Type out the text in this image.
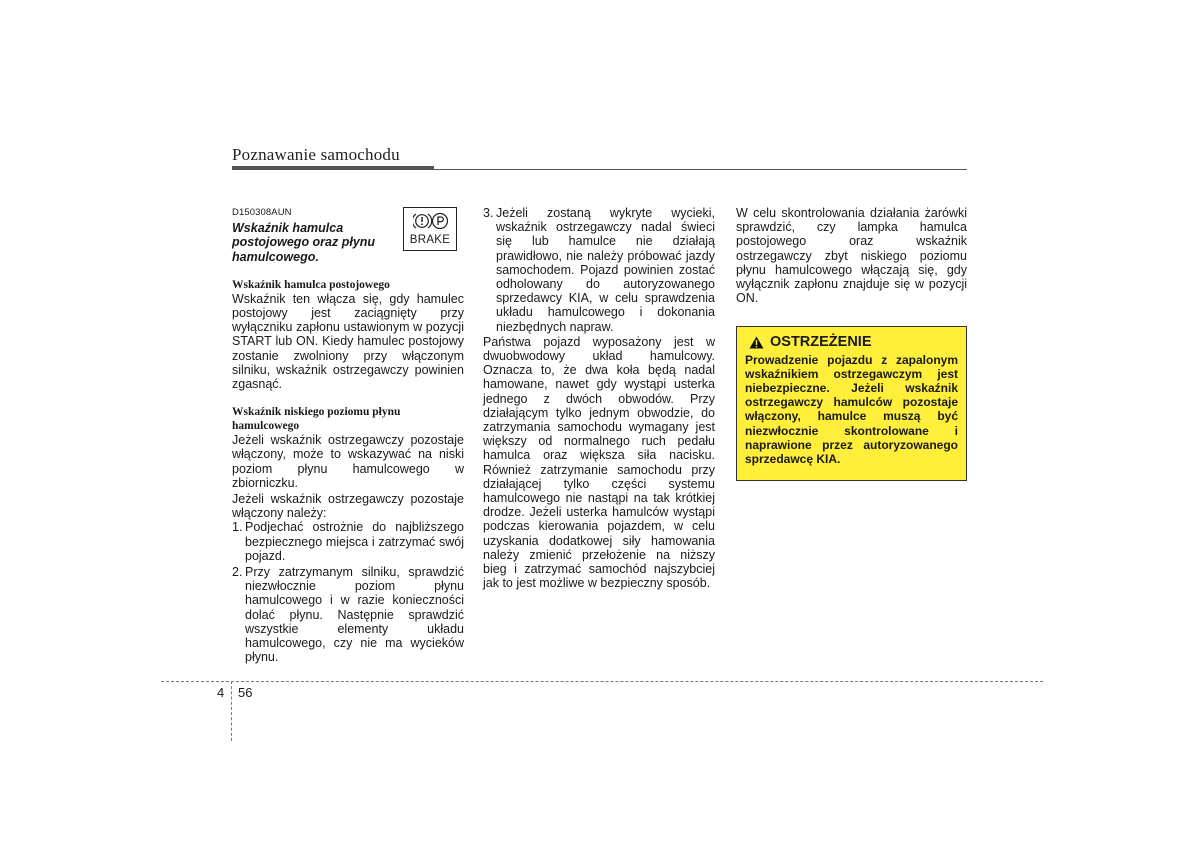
Poznawanie samochodu

D150308AUN

Wskaźnik hamulca postojowego oraz płynu hamulcowego.

BRAKE

Wskaźnik hamulca postojowego

Wskaźnik ten włącza się, gdy hamulec postojowy jest zaciągnięty przy wyłączniku zapłonu ustawionym w pozycji START lub ON. Kiedy hamulec postojowy zostanie zwolniony przy włączonym silniku, wskaźnik ostrzegawczy powinien zgasnąć.

Wskaźnik niskiego poziomu płynu hamulcowego

Jeżeli wskaźnik ostrzegawczy pozostaje włączony, może to wskazywać na niski poziom płynu hamulcowego w zbiorniczku.

Jeżeli wskaźnik ostrzegawczy pozostaje włączony należy:

1. Podjechać ostrożnie do najbliższego bezpiecznego miejsca i zatrzymać swój pojazd.
2. Przy zatrzymanym silniku, sprawdzić niezwłocznie poziom płynu hamulcowego i w razie konieczności dolać płynu. Następnie sprawdzić wszystkie elementy układu hamulcowego, czy nie ma wycieków płynu.
3. Jeżeli zostaną wykryte wycieki, wskaźnik ostrzegawczy nadal świeci się lub hamulce nie działają prawidłowo, nie należy próbować jazdy samochodem. Pojazd powinien zostać odholowany do autoryzowanego sprzedawcy KIA, w celu sprawdzenia układu hamulcowego i dokonania niezbędnych napraw.

Państwa pojazd wyposażony jest w dwuobwodowy układ hamulcowy. Oznacza to, że dwa koła będą nadal hamowane, nawet gdy wystąpi usterka jednego z dwóch obwodów. Przy działającym tylko jednym obwodzie, do zatrzymania samochodu wymagany jest większy od normalnego ruch pedału hamulca oraz większa siła nacisku. Również zatrzymanie samochodu przy działającej tylko części systemu hamulcowego nie nastąpi na tak krótkiej drodze. Jeżeli usterka hamulców wystąpi podczas kierowania pojazdem, w celu uzyskania dodatkowej siły hamowania należy zmienić przełożenie na niższy bieg i zatrzymać samochód najszybciej jak to jest możliwe w bezpieczny sposób.

W celu skontrolowania działania żarówki sprawdzić, czy lampka hamulca postojowego oraz wskaźnik ostrzegawczy zbyt niskiego poziomu płynu hamulcowego włączają się, gdy wyłącznik zapłonu znajduje się w pozycji ON.

OSTRZEŻENIE

Prowadzenie pojazdu z zapalonym wskaźnikiem ostrzegawczym jest niebezpieczne. Jeżeli wskaźnik ostrzegawczy hamulców pozostaje włączony, hamulce muszą być niezwłocznie skontrolowane i naprawione przez autoryzowanego sprzedawcę KIA.

4 56
